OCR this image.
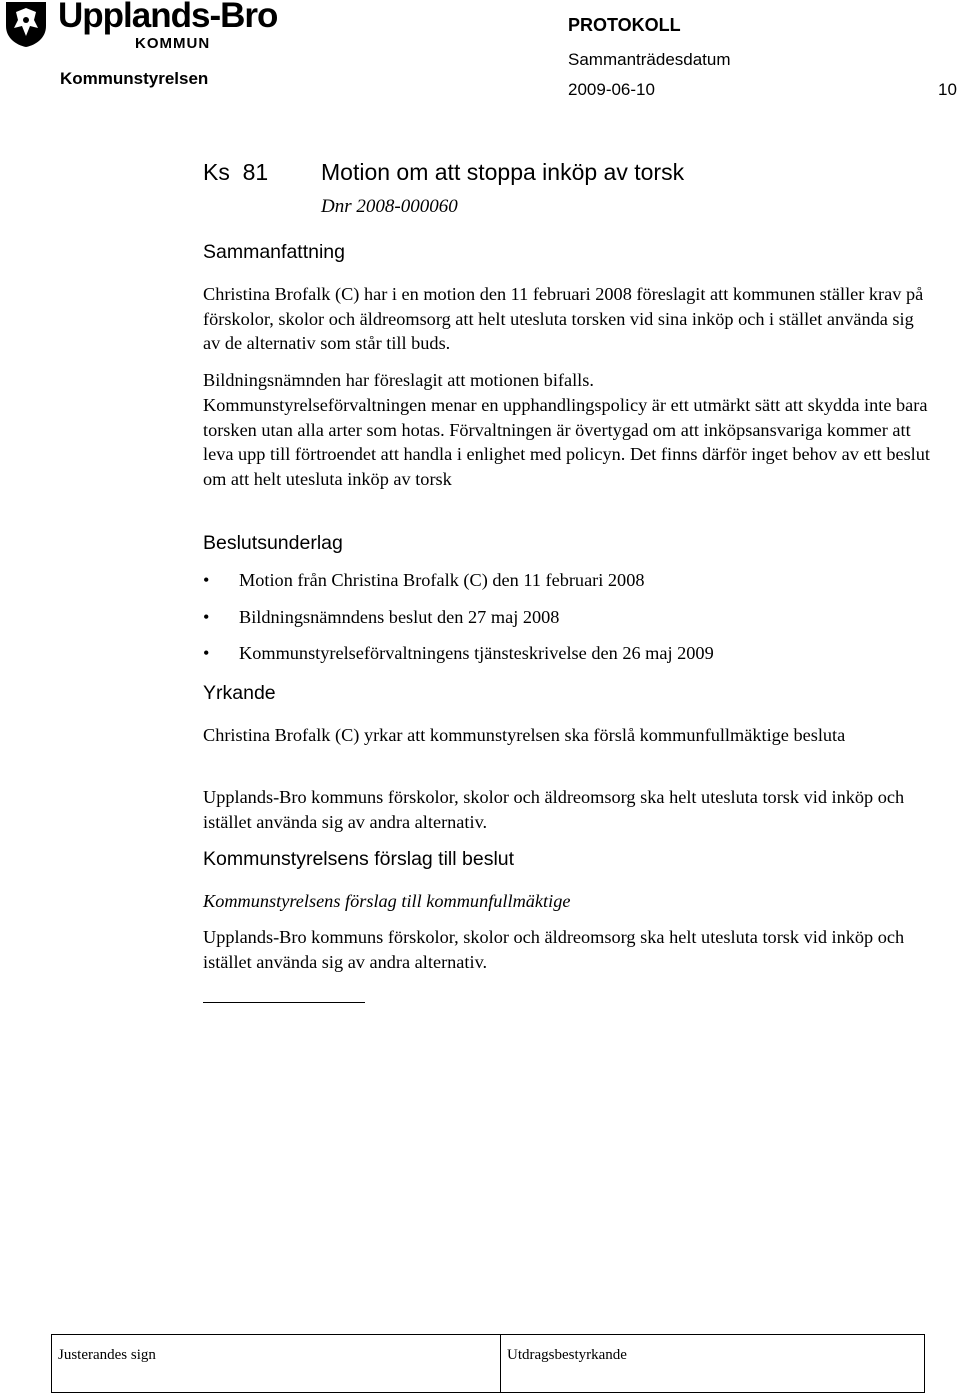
Upplands-Bro
KOMMUN
Kommunstyrelsen
PROTOKOLL
Sammanträdesdatum
2009-06-10	10
Ks  81 Motion om att stoppa inköp av torsk
Dnr 2008-000060
Sammanfattning

Christina Brofalk (C) har i en motion den 11 februari 2008 föreslagit att kommunen ställer krav på förskolor, skolor och äldreomsorg att helt utesluta torsken vid sina inköp och i stället använda sig av de alternativ som står till buds.

Bildningsnämnden har föreslagit att motionen bifalls.

Kommunstyrelseförvaltningen menar en upphandlingspolicy är ett utmärkt sätt att skydda inte bara torsken utan alla arter som hotas. Förvaltningen är övertygad om att inköpsansvariga kommer att leva upp till förtroendet att handla i enlighet med policyn. Det finns därför inget behov av ett beslut om att helt utesluta inköp av torsk

Beslutsunderlag
• Motion från Christina Brofalk (C) den 11 februari 2008
• Bildningsnämndens beslut den 27 maj 2008
• Kommunstyrelseförvaltningens tjänsteskrivelse den 26 maj 2009
Yrkande

Christina Brofalk (C) yrkar att kommunstyrelsen ska förslå kommunfullmäktige besluta

Upplands-Bro kommuns förskolor, skolor och äldreomsorg ska helt utesluta torsk vid inköp och istället använda sig av andra alternativ.

Kommunstyrelsens förslag till beslut

Kommunstyrelsens förslag till kommunfullmäktige

Upplands-Bro kommuns förskolor, skolor och äldreomsorg ska helt utesluta torsk vid inköp och istället använda sig av andra alternativ.

Justerandes sign	Utdragsbestyrkande
